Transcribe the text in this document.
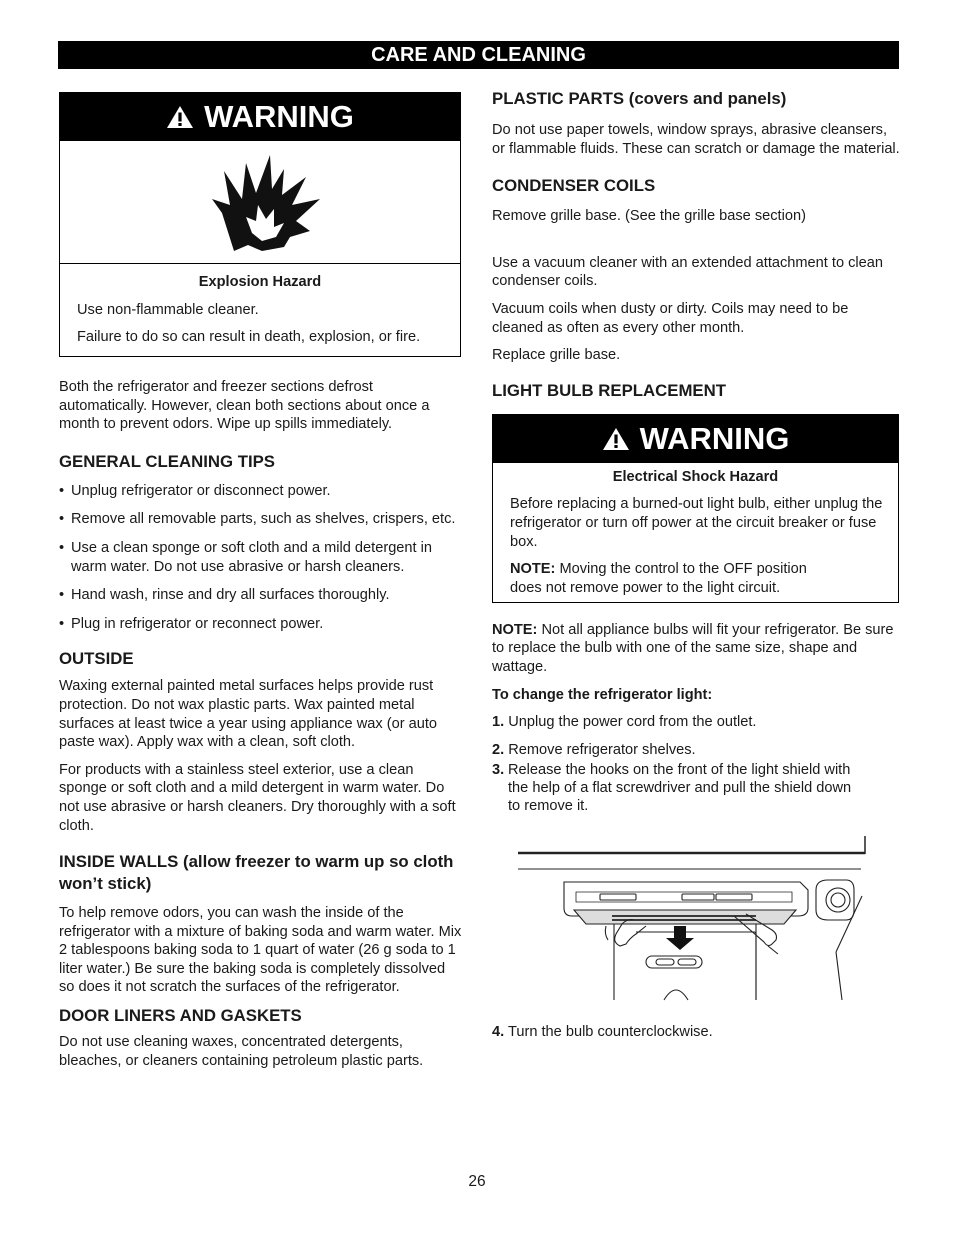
CARE AND CLEANING
WARNING

Explosion Hazard

Use non-flammable cleaner.

Failure to do so can result in death, explosion, or fire.

Both the refrigerator and freezer sections defrost automatically. However, clean both sections about once a month to prevent odors. Wipe up spills immediately.

GENERAL CLEANING TIPS

• Unplug refrigerator or disconnect power.

• Remove all removable parts, such as shelves, crispers, etc.

• Use a clean sponge or soft cloth and a mild detergent in warm water. Do not use abrasive or harsh cleaners.

• Hand wash, rinse and dry all surfaces thoroughly.

• Plug in refrigerator or reconnect power.

OUTSIDE

Waxing external painted metal surfaces helps provide rust protection. Do not wax plastic parts. Wax painted metal surfaces at least twice a year using appliance wax (or auto paste wax). Apply wax with a clean, soft cloth.

For products with a stainless steel exterior, use a clean sponge or soft cloth and a mild detergent in warm water. Do not use abrasive or harsh cleaners. Dry thoroughly with a soft cloth.

INSIDE WALLS (allow freezer to warm up so cloth won’t stick)

To help remove odors, you can wash the inside of the refrigerator with a mixture of baking soda and warm water. Mix 2 tablespoons baking soda to 1 quart of water (26 g soda to 1 liter water.) Be sure the baking soda is completely dissolved so does it not scratch the surfaces of the refrigerator.

DOOR LINERS AND GASKETS

Do not use cleaning waxes, concentrated detergents, bleaches, or cleaners containing petroleum plastic parts.

PLASTIC PARTS (covers and panels)

Do not use paper towels, window sprays, abrasive cleansers, or flammable fluids. These can scratch or damage the material.

CONDENSER COILS

Remove grille base. (See the grille base section)

Use a vacuum cleaner with an extended attachment to clean condenser coils.

Vacuum coils when dusty or dirty. Coils may need to be cleaned as often as every other month.

Replace grille base.

LIGHT BULB REPLACEMENT
WARNING

Electrical Shock Hazard

Before replacing a burned-out light bulb, either unplug the refrigerator or turn off power at the circuit breaker or fuse box.

NOTE: Moving the control to the OFF position does not remove power to the light circuit.

NOTE: Not all appliance bulbs will fit your refrigerator. Be sure to replace the bulb with one of the same size, shape and wattage.

To change the refrigerator light:

1. Unplug the power cord from the outlet.

2. Remove refrigerator shelves.

3. Release the hooks on the front of the light shield with the help of a flat screwdriver and pull the shield down to remove it.

4. Turn the bulb counterclockwise.

26
